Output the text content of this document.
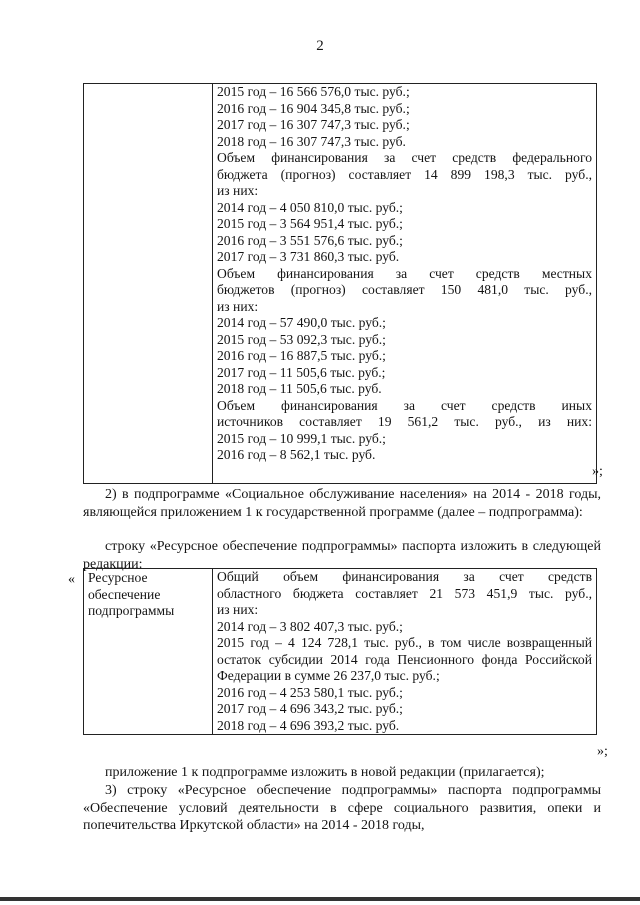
2

2015 год – 16 566 576,0 тыс. руб.;
2016 год – 16 904 345,8 тыс. руб.;
2017 год – 16 307 747,3 тыс. руб.;
2018 год – 16 307 747,3 тыс. руб.
Объем финансирования за счет средств федерального
бюджета (прогноз) составляет 14 899 198,3 тыс. руб.,
из них:
2014 год – 4 050 810,0 тыс. руб.;
2015 год – 3 564 951,4 тыс. руб.;
2016 год – 3 551 576,6 тыс. руб.;
2017 год – 3 731 860,3 тыс. руб.
Объем финансирования за счет средств местных
бюджетов (прогноз) составляет 150 481,0 тыс. руб.,
из них:
2014 год – 57 490,0 тыс. руб.;
2015 год – 53 092,3 тыс. руб.;
2016 год – 16 887,5 тыс. руб.;
2017 год – 11 505,6 тыс. руб.;
2018 год – 11 505,6 тыс. руб.
Объем финансирования за счет средств иных
источников составляет 19 561,2 тыс. руб., из них:
2015 год – 10 999,1 тыс. руб.;
2016 год – 8 562,1 тыс. руб.
»;
2) в подпрограмме «Социальное обслуживание населения» на 2014 - 2018 годы, являющейся приложением 1 к государственной программе (далее – подпрограмма):
строку «Ресурсное обеспечение подпрограммы» паспорта изложить в следующей редакции:
« Ресурсное обеспечение подпрограммы	
Общий объем финансирования за счет средств
областного бюджета составляет 21 573 451,9 тыс. руб.,
из них:
2014 год – 3 802 407,3 тыс. руб.;
2015 год – 4 124 728,1 тыс. руб., в том числе возвращенный остаток субсидии 2014 года Пенсионного фонда Российской Федерации в сумме 26 237,0 тыс. руб.;
2016 год – 4 253 580,1 тыс. руб.;
2017 год – 4 696 343,2 тыс. руб.;
2018 год – 4 696 393,2 тыс. руб.
»;
приложение 1 к подпрограмме изложить в новой редакции (прилагается);
3) строку «Ресурсное обеспечение подпрограммы» паспорта подпрограммы «Обеспечение условий деятельности в сфере социального развития, опеки и попечительства Иркутской области» на 2014 - 2018 годы,
